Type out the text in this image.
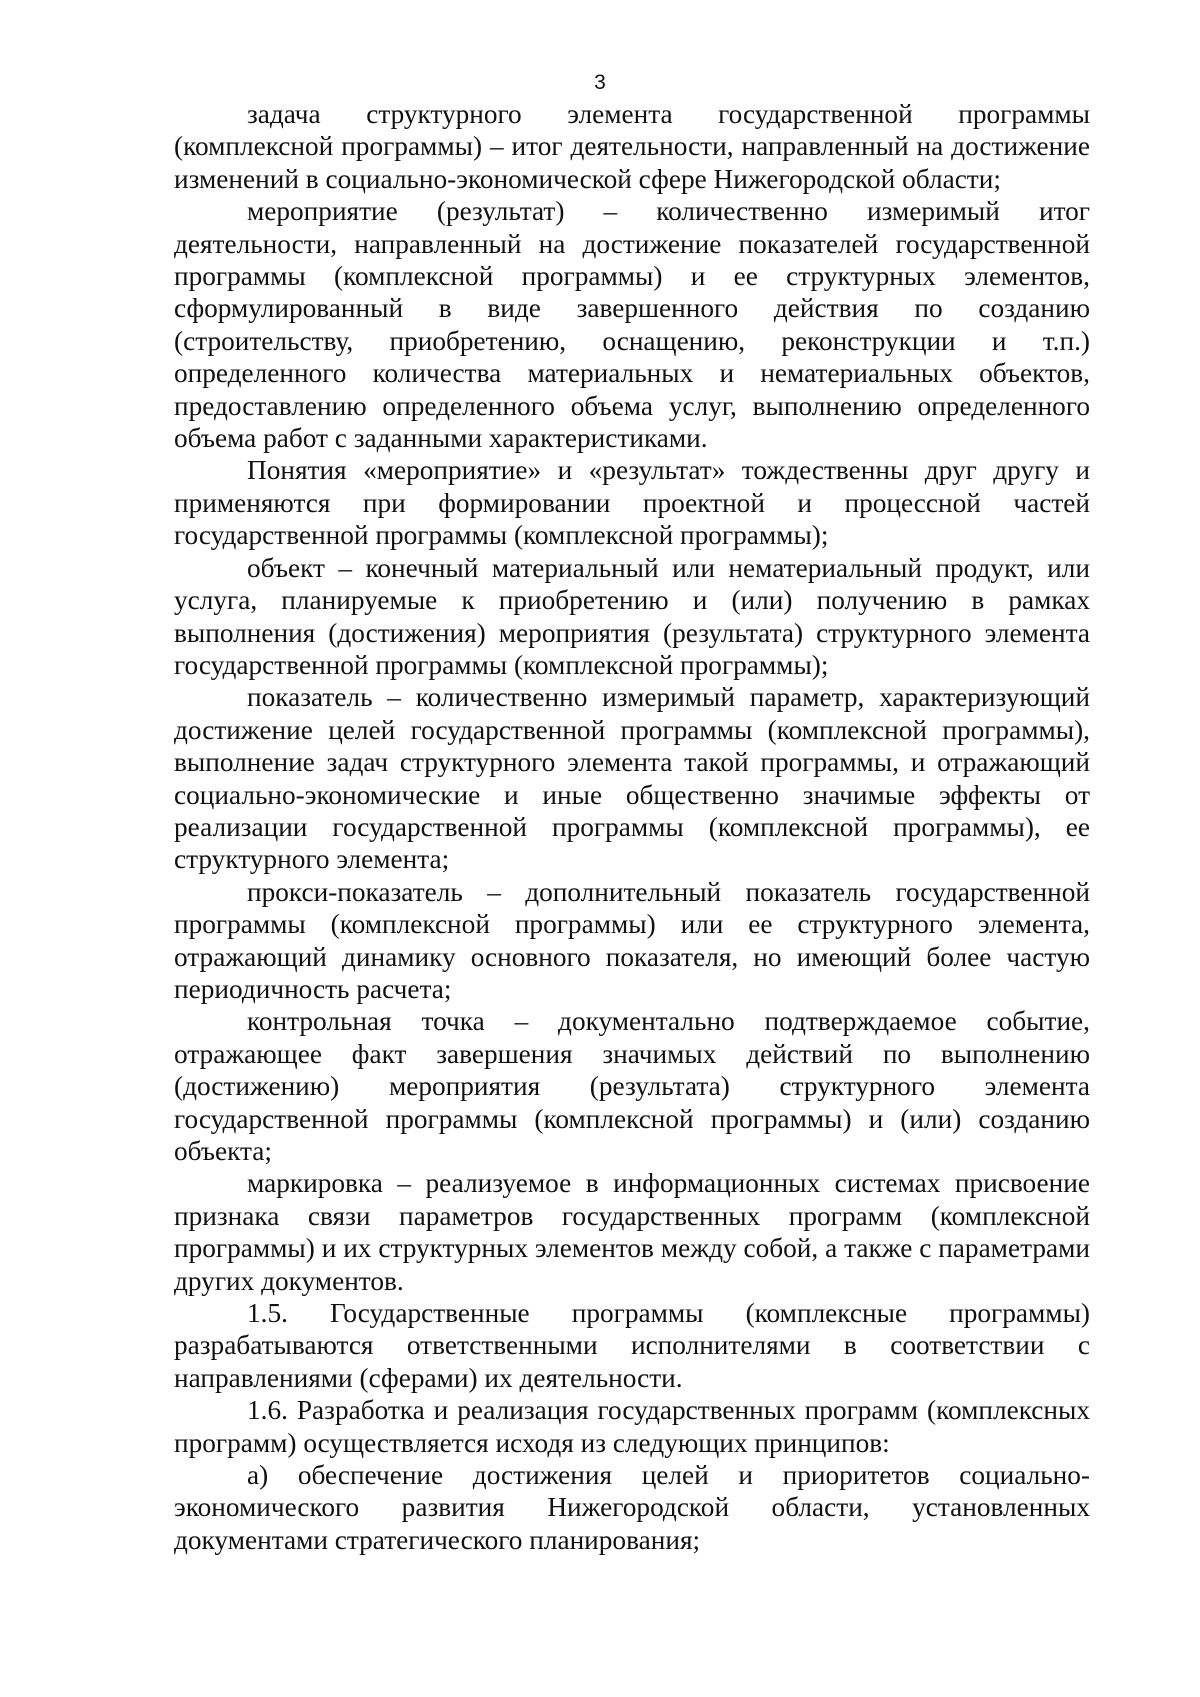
3

задача структурного элемента государственной программы (комплексной программы) – итог деятельности, направленный на достижение изменений в социально-экономической сфере Нижегородской области;

мероприятие (результат) – количественно измеримый итог деятельности, направленный на достижение показателей государственной программы (комплексной программы) и ее структурных элементов, сформулированный в виде завершенного действия по созданию (строительству, приобретению, оснащению, реконструкции и т.п.) определенного количества материальных и нематериальных объектов, предоставлению определенного объема услуг, выполнению определенного объема работ с заданными характеристиками.

Понятия «мероприятие» и «результат» тождественны друг другу и применяются при формировании проектной и процессной частей государственной программы (комплексной программы);

объект – конечный материальный или нематериальный продукт, или услуга, планируемые к приобретению и (или) получению в рамках выполнения (достижения) мероприятия (результата) структурного элемента государственной программы (комплексной программы);

показатель – количественно измеримый параметр, характеризующий достижение целей государственной программы (комплексной программы), выполнение задач структурного элемента такой программы, и отражающий социально-экономические и иные общественно значимые эффекты от реализации государственной программы (комплексной программы), ее структурного элемента;

прокси-показатель – дополнительный показатель государственной программы (комплексной программы) или ее структурного элемента, отражающий динамику основного показателя, но имеющий более частую периодичность расчета;

контрольная точка – документально подтверждаемое событие, отражающее факт завершения значимых действий по выполнению (достижению) мероприятия (результата) структурного элемента государственной программы (комплексной программы) и (или) созданию объекта;

маркировка – реализуемое в информационных системах присвоение признака связи параметров государственных программ (комплексной программы) и их структурных элементов между собой, а также с параметрами других документов.

1.5. Государственные программы (комплексные программы) разрабатываются ответственными исполнителями в соответствии с направлениями (сферами) их деятельности.

1.6. Разработка и реализация государственных программ (комплексных программ) осуществляется исходя из следующих принципов:

а) обеспечение достижения целей и приоритетов социально-экономического развития Нижегородской области, установленных документами стратегического планирования;
